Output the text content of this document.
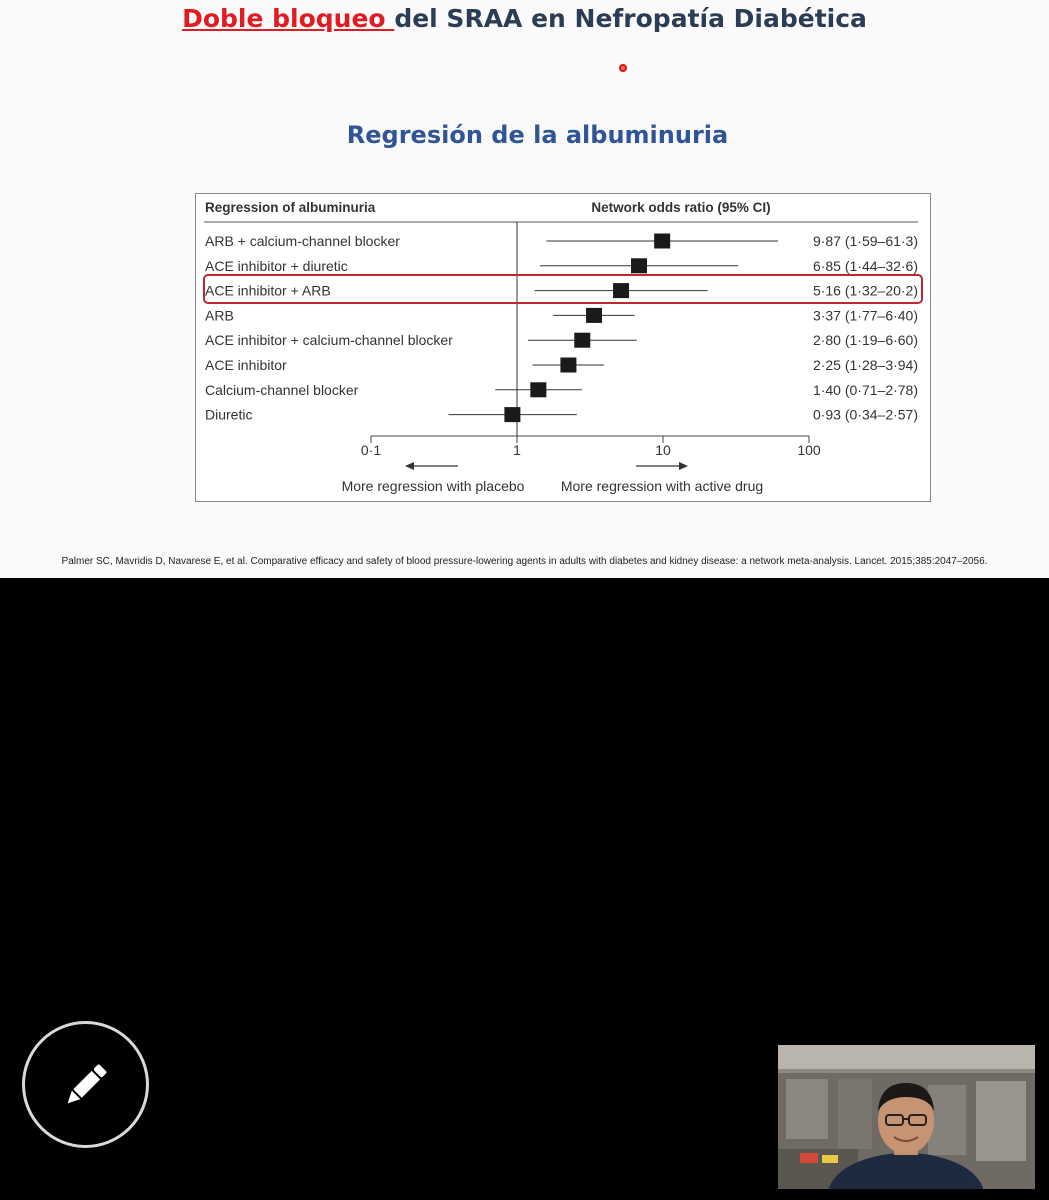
Doble bloqueo del SRAA en Nefropatía Diabética
Regresión de la albuminuria
Regression of albuminuria	Network odds ratio (95% CI)
ARB + calcium-channel blocker	9·87 (1·59–61·3)
ACE inhibitor + diuretic	6·85 (1·44–32·6)
ACE inhibitor + ARB	5·16 (1·32–20·2)
ARB	3·37 (1·77–6·40)
ACE inhibitor + calcium-channel blocker	2·80 (1·19–6·60)
ACE inhibitor	2·25 (1·28–3·94)
Calcium-channel blocker	1·40 (0·71–2·78)
Diuretic	0·93 (0·34–2·57)
0·1	1	10	100
More regression with placebo	More regression with active drug
Palmer SC, Mavridis D, Navarese E, et al. Comparative efficacy and safety of blood pressure-lowering agents in adults with diabetes and kidney disease: a network meta-analysis. Lancet. 2015;385:2047–2056.
